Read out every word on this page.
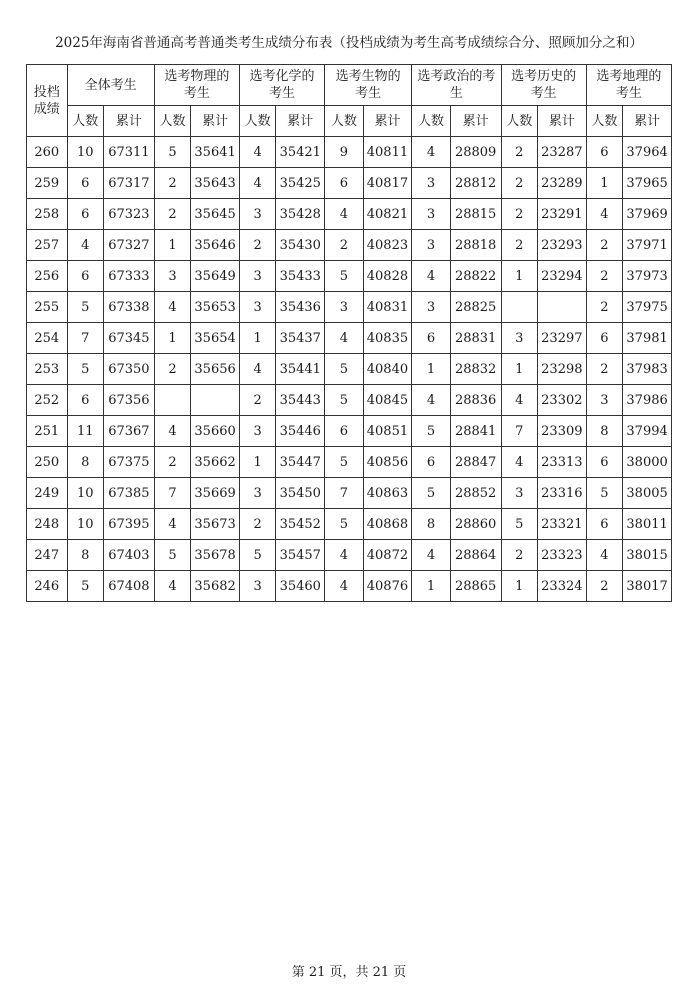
2025年海南省普通高考普通类考生成绩分布表（投档成绩为考生高考成绩综合分、照顾加分之和）
投档成绩	全体考生		选考物理的考生		选考化学的考生		选考生物的考生		选考政治的考生		选考历史的考生		选考地理的考生	
	人数	累计	人数	累计	人数	累计	人数	累计	人数	累计	人数	累计	人数	累计
260	10	67311	5	35641	4	35421	9	40811	4	28809	2	23287	6	37964
259	6	67317	2	35643	4	35425	6	40817	3	28812	2	23289	1	37965
258	6	67323	2	35645	3	35428	4	40821	3	28815	2	23291	4	37969
257	4	67327	1	35646	2	35430	2	40823	3	28818	2	23293	2	37971
256	6	67333	3	35649	3	35433	5	40828	4	28822	1	23294	2	37973
255	5	67338	4	35653	3	35436	3	40831	3	28825			2	37975
254	7	67345	1	35654	1	35437	4	40835	6	28831	3	23297	6	37981
253	5	67350	2	35656	4	35441	5	40840	1	28832	1	23298	2	37983
252	6	67356			2	35443	5	40845	4	28836	4	23302	3	37986
251	11	67367	4	35660	3	35446	6	40851	5	28841	7	23309	8	37994
250	8	67375	2	35662	1	35447	5	40856	6	28847	4	23313	6	38000
249	10	67385	7	35669	3	35450	7	40863	5	28852	3	23316	5	38005
248	10	67395	4	35673	2	35452	5	40868	8	28860	5	23321	6	38011
247	8	67403	5	35678	5	35457	4	40872	4	28864	2	23323	4	38015
246	5	67408	4	35682	3	35460	4	40876	1	28865	1	23324	2	38017
第 21 页，共 21 页
